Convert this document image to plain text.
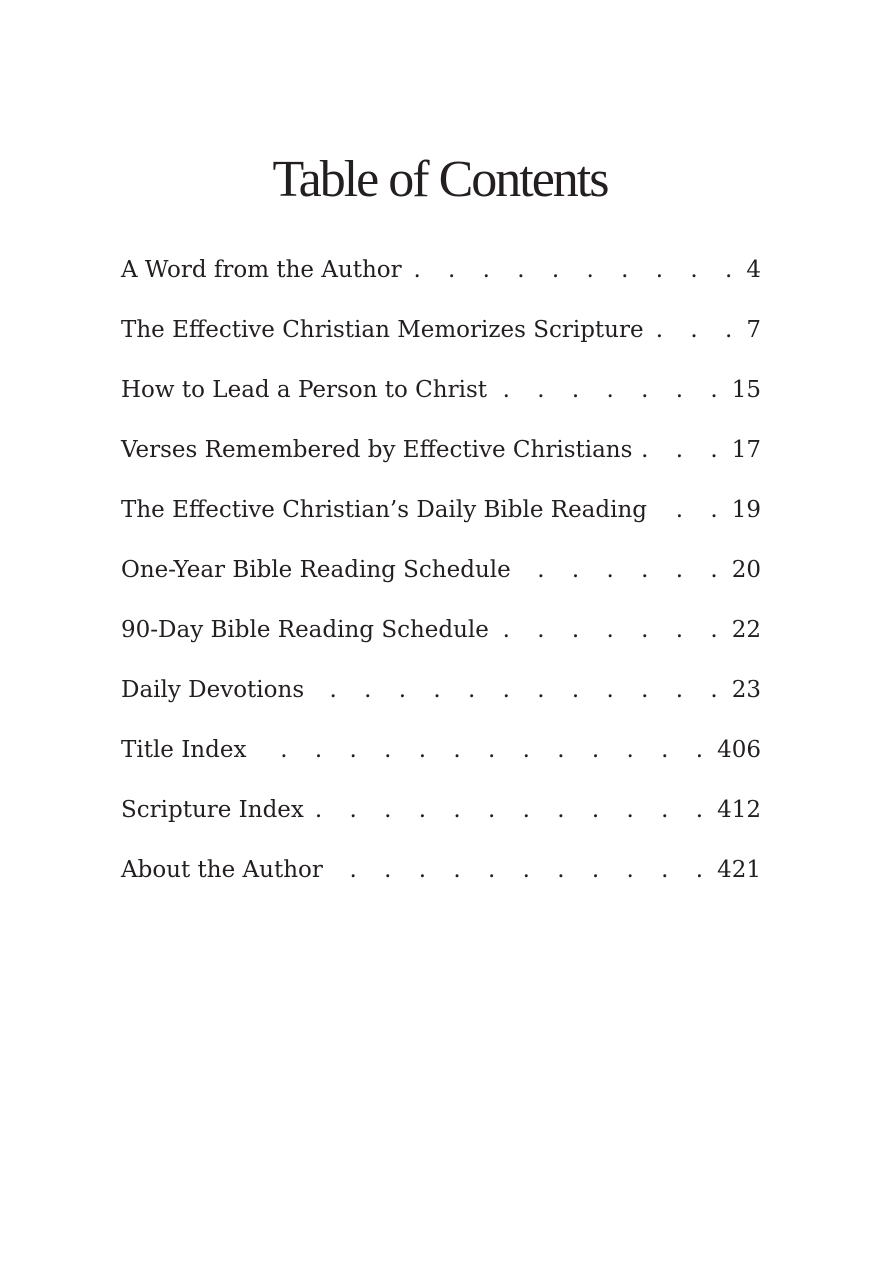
Table of Contents
A Word from the Author . . .	4
The Effective Christian Memorizes Scripture . . .	7
How to Lead a Person to Christ . . .	15
Verses Remembered by Effective Christians . . .	17
The Effective Christian’s Daily Bible Reading . . .	19
One-Year Bible Reading Schedule . . .	20
90-Day Bible Reading Schedule . . .	22
Daily Devotions . . .	23
Title Index . . .	406
Scripture Index . . .	412
About the Author . . .	421
